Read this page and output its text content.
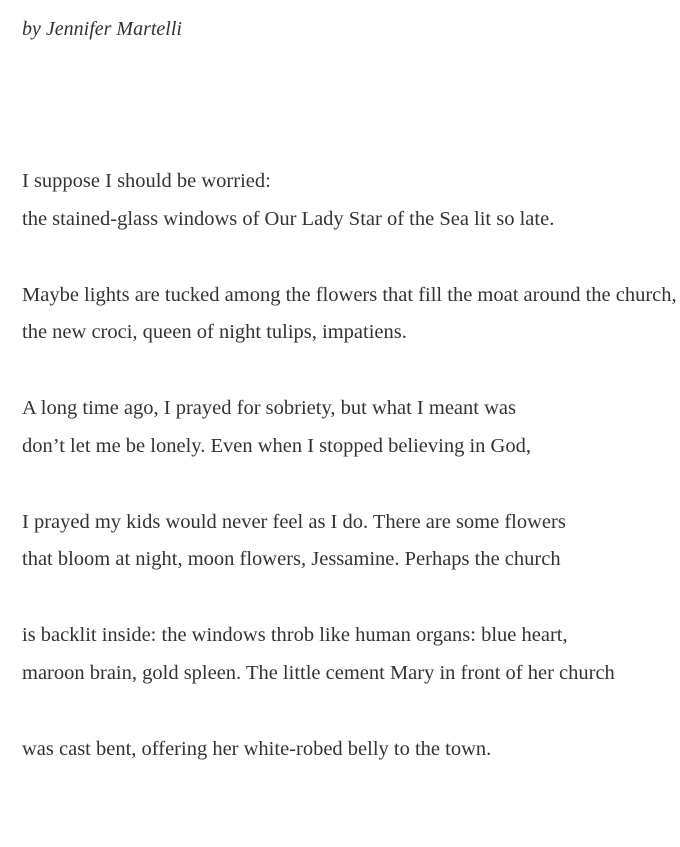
by Jennifer Martelli

I suppose I should be worried:
the stained-glass windows of Our Lady Star of the Sea lit so late.

Maybe lights are tucked among the flowers that fill the moat around the church,
the new croci, queen of night tulips, impatiens.

A long time ago, I prayed for sobriety, but what I meant was
don’t let me be lonely. Even when I stopped believing in God,

I prayed my kids would never feel as I do. There are some flowers
that bloom at night, moon flowers, Jessamine. Perhaps the church

is backlit inside: the windows throb like human organs: blue heart,
maroon brain, gold spleen. The little cement Mary in front of her church

was cast bent, offering her white-robed belly to the town.
